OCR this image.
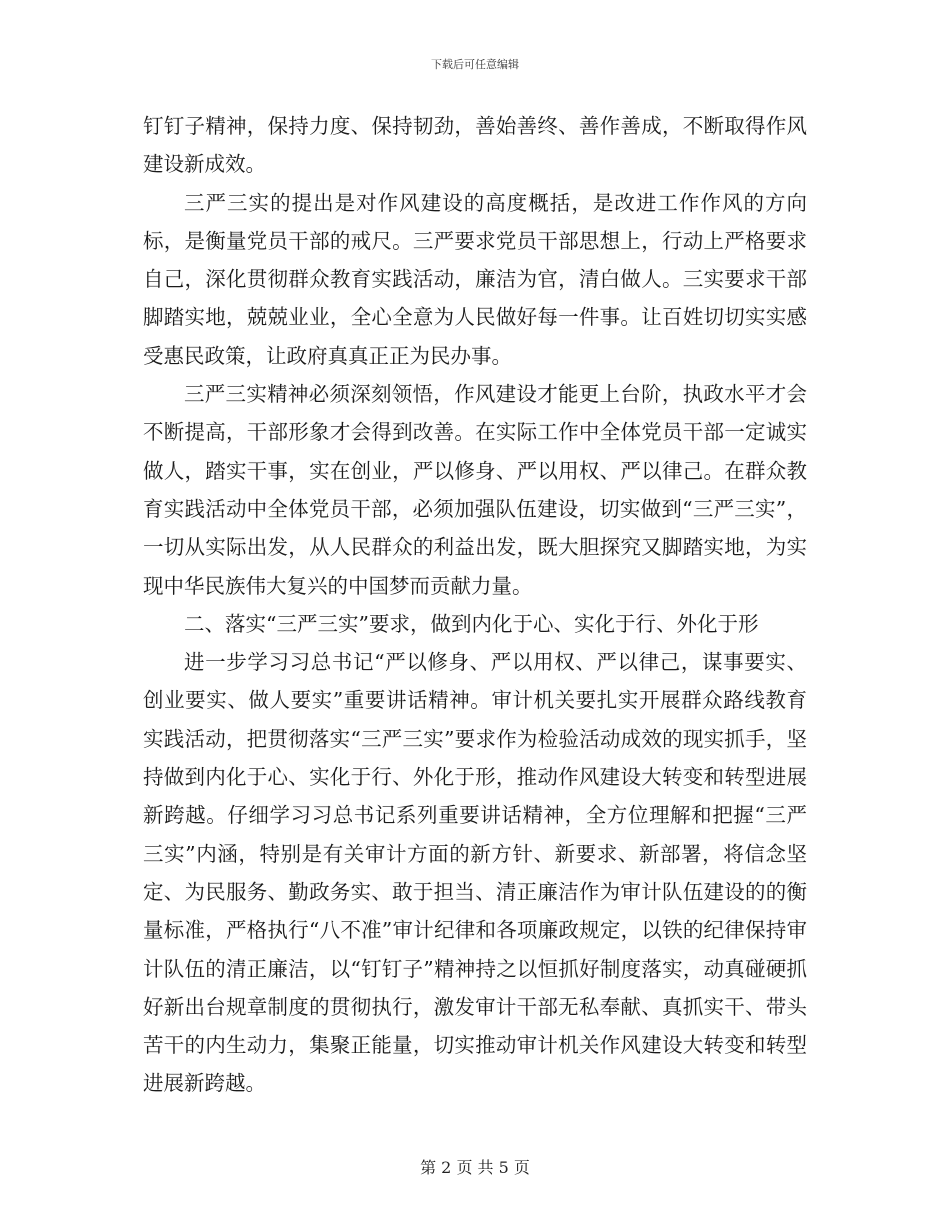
下载后可任意编辑

钉钉子精神，保持力度、保持韧劲，善始善终、善作善成，不断取得作风建设新成效。

三严三实的提出是对作风建设的高度概括，是改进工作作风的方向标，是衡量党员干部的戒尺。三严要求党员干部思想上，行动上严格要求自己，深化贯彻群众教育实践活动，廉洁为官，清白做人。三实要求干部脚踏实地，兢兢业业，全心全意为人民做好每一件事。让百姓切切实实感受惠民政策，让政府真真正正为民办事。

三严三实精神必须深刻领悟，作风建设才能更上台阶，执政水平才会不断提高，干部形象才会得到改善。在实际工作中全体党员干部一定诚实做人，踏实干事，实在创业，严以修身、严以用权、严以律己。在群众教育实践活动中全体党员干部，必须加强队伍建设，切实做到“三严三实”，一切从实际出发，从人民群众的利益出发，既大胆探究又脚踏实地，为实现中华民族伟大复兴的中国梦而贡献力量。

二、落实“三严三实”要求，做到内化于心、实化于行、外化于形

进一步学习习总书记“严以修身、严以用权、严以律己，谋事要实、创业要实、做人要实”重要讲话精神。审计机关要扎实开展群众路线教育实践活动，把贯彻落实“三严三实”要求作为检验活动成效的现实抓手，坚持做到内化于心、实化于行、外化于形，推动作风建设大转变和转型进展新跨越。仔细学习习总书记系列重要讲话精神，全方位理解和把握“三严三实”内涵，特别是有关审计方面的新方针、新要求、新部署，将信念坚定、为民服务、勤政务实、敢于担当、清正廉洁作为审计队伍建设的的衡量标准，严格执行“八不准”审计纪律和各项廉政规定，以铁的纪律保持审计队伍的清正廉洁，以“钉钉子”精神持之以恒抓好制度落实，动真碰硬抓好新出台规章制度的贯彻执行，激发审计干部无私奉献、真抓实干、带头苦干的内生动力，集聚正能量，切实推动审计机关作风建设大转变和转型进展新跨越。

第 2 页 共 5 页
